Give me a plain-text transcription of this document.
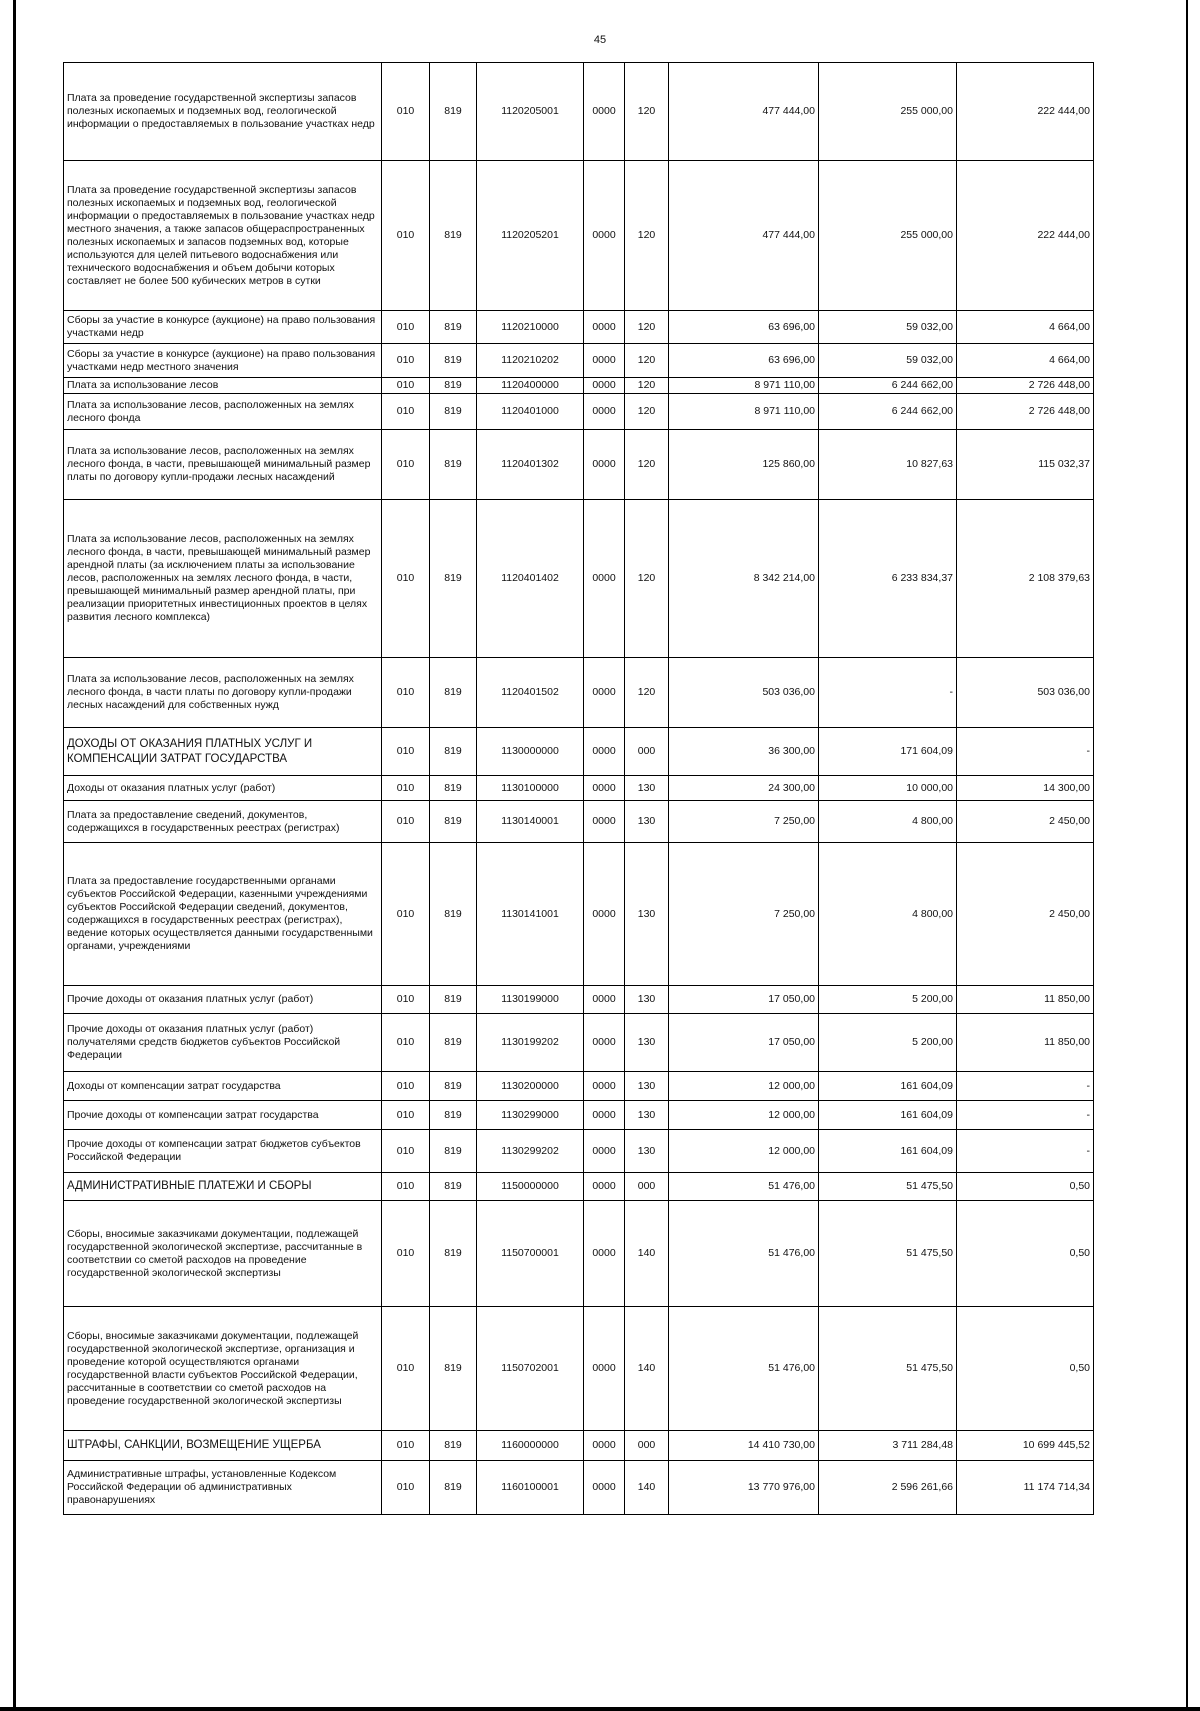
45
Плата за проведение государственной экспертизы запасов полезных ископаемых и подземных вод, геологической информации о предоставляемых в пользование участках недр	010	819	1120205001	0000	120	477 444,00	255 000,00	222 444,00
Плата за проведение государственной экспертизы запасов полезных ископаемых и подземных вод, геологической информации о предоставляемых в пользование участках недр местного значения, а также запасов общераспространенных полезных ископаемых и запасов подземных вод, которые используются для целей питьевого водоснабжения или технического водоснабжения и объем добычи которых составляет не более 500 кубических метров в сутки	010	819	1120205201	0000	120	477 444,00	255 000,00	222 444,00
Сборы за участие в конкурсе (аукционе) на право пользования участками недр	010	819	1120210000	0000	120	63 696,00	59 032,00	4 664,00
Сборы за участие в конкурсе (аукционе) на право пользования участками недр местного значения	010	819	1120210202	0000	120	63 696,00	59 032,00	4 664,00
Плата за использование лесов	010	819	1120400000	0000	120	8 971 110,00	6 244 662,00	2 726 448,00
Плата за использование лесов, расположенных на землях лесного фонда	010	819	1120401000	0000	120	8 971 110,00	6 244 662,00	2 726 448,00
Плата за использование лесов, расположенных на землях лесного фонда, в части, превышающей минимальный размер платы по договору купли-продажи лесных насаждений	010	819	1120401302	0000	120	125 860,00	10 827,63	115 032,37
Плата за использование лесов, расположенных на землях лесного фонда, в части, превышающей минимальный размер арендной платы (за исключением платы за использование лесов, расположенных на землях лесного фонда, в части, превышающей минимальный размер арендной платы, при реализации приоритетных инвестиционных проектов в целях развития лесного комплекса)	010	819	1120401402	0000	120	8 342 214,00	6 233 834,37	2 108 379,63
Плата за использование лесов, расположенных на землях лесного фонда, в части платы по договору купли-продажи лесных насаждений для собственных нужд	010	819	1120401502	0000	120	503 036,00	-	503 036,00
ДОХОДЫ ОТ ОКАЗАНИЯ ПЛАТНЫХ УСЛУГ И КОМПЕНСАЦИИ ЗАТРАТ ГОСУДАРСТВА	010	819	1130000000	0000	000	36 300,00	171 604,09	-
Доходы от оказания платных услуг (работ)	010	819	1130100000	0000	130	24 300,00	10 000,00	14 300,00
Плата за предоставление сведений, документов, содержащихся в государственных реестрах (регистрах)	010	819	1130140001	0000	130	7 250,00	4 800,00	2 450,00
Плата за предоставление государственными органами субъектов Российской Федерации, казенными учреждениями субъектов Российской Федерации сведений, документов, содержащихся в государственных реестрах (регистрах), ведение которых осуществляется данными государственными органами, учреждениями	010	819	1130141001	0000	130	7 250,00	4 800,00	2 450,00
Прочие доходы от оказания платных услуг (работ)	010	819	1130199000	0000	130	17 050,00	5 200,00	11 850,00
Прочие доходы от оказания платных услуг (работ) получателями средств бюджетов субъектов Российской Федерации	010	819	1130199202	0000	130	17 050,00	5 200,00	11 850,00
Доходы от компенсации затрат государства	010	819	1130200000	0000	130	12 000,00	161 604,09	-
Прочие доходы от компенсации затрат государства	010	819	1130299000	0000	130	12 000,00	161 604,09	-
Прочие доходы от компенсации затрат бюджетов субъектов Российской Федерации	010	819	1130299202	0000	130	12 000,00	161 604,09	-
АДМИНИСТРАТИВНЫЕ ПЛАТЕЖИ И СБОРЫ	010	819	1150000000	0000	000	51 476,00	51 475,50	0,50
Сборы, вносимые заказчиками документации, подлежащей государственной экологической экспертизе, рассчитанные в соответствии со сметой расходов на проведение государственной экологической экспертизы	010	819	1150700001	0000	140	51 476,00	51 475,50	0,50
Сборы, вносимые заказчиками документации, подлежащей государственной экологической экспертизе, организация и проведение которой осуществляются органами государственной власти субъектов Российской Федерации, рассчитанные в соответствии со сметой расходов на проведение государственной экологической экспертизы	010	819	1150702001	0000	140	51 476,00	51 475,50	0,50
ШТРАФЫ, САНКЦИИ, ВОЗМЕЩЕНИЕ УЩЕРБА	010	819	1160000000	0000	000	14 410 730,00	3 711 284,48	10 699 445,52
Административные штрафы, установленные Кодексом Российской Федерации об административных правонарушениях	010	819	1160100001	0000	140	13 770 976,00	2 596 261,66	11 174 714,34
